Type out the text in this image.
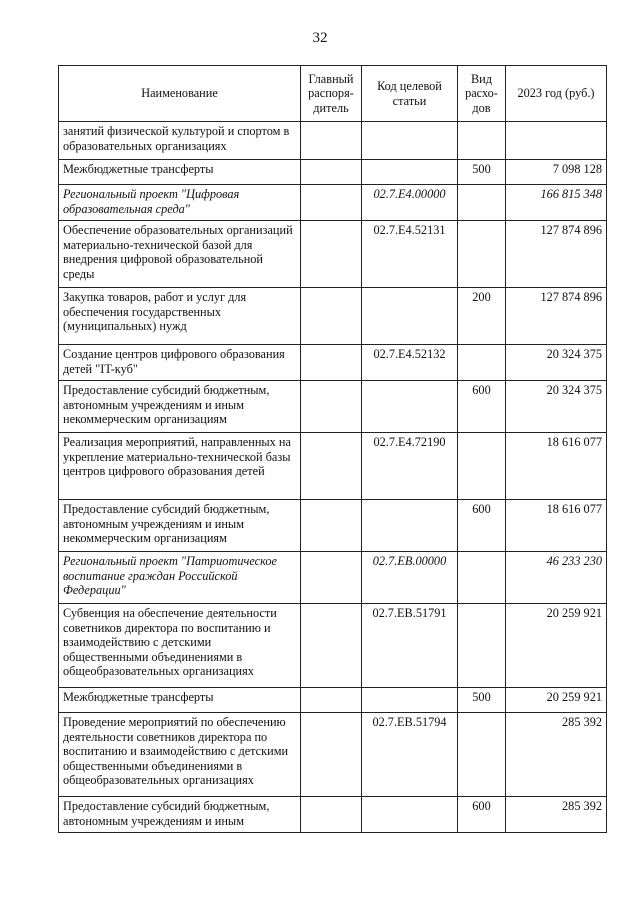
32
Наименование	Главный распоря-дитель	Код целевой статьи	Вид расхо-дов	2023 год (руб.)
занятий физической культурой и спортом в образовательных организациях				
Межбюджетные трансферты			500	7 098 128
Региональный проект "Цифровая образовательная среда"		02.7.E4.00000		166 815 348
Обеспечение образовательных организаций материально-технической базой для внедрения цифровой образовательной среды		02.7.E4.52131		127 874 896
Закупка товаров, работ и услуг для обеспечения государственных (муниципальных) нужд			200	127 874 896
Создание центров цифрового образования детей "IT-куб"		02.7.E4.52132		20 324 375
Предоставление субсидий бюджетным, автономным учреждениям и иным некоммерческим организациям			600	20 324 375
Реализация мероприятий, направленных на укрепление материально-технической базы центров цифрового образования детей		02.7.E4.72190		18 616 077
Предоставление субсидий бюджетным, автономным учреждениям и иным некоммерческим организациям			600	18 616 077
Региональный проект "Патриотическое воспитание граждан Российской Федерации"		02.7.EB.00000		46 233 230
Субвенция на обеспечение деятельности советников директора по воспитанию и взаимодействию с детскими общественными объединениями в общеобразовательных организациях		02.7.EB.51791		20 259 921
Межбюджетные трансферты			500	20 259 921
Проведение мероприятий по обеспечению деятельности советников директора по воспитанию и взаимодействию с детскими общественными объединениями в общеобразовательных организациях		02.7.EB.51794		285 392
Предоставление субсидий бюджетным, автономным учреждениям и иным			600	285 392
